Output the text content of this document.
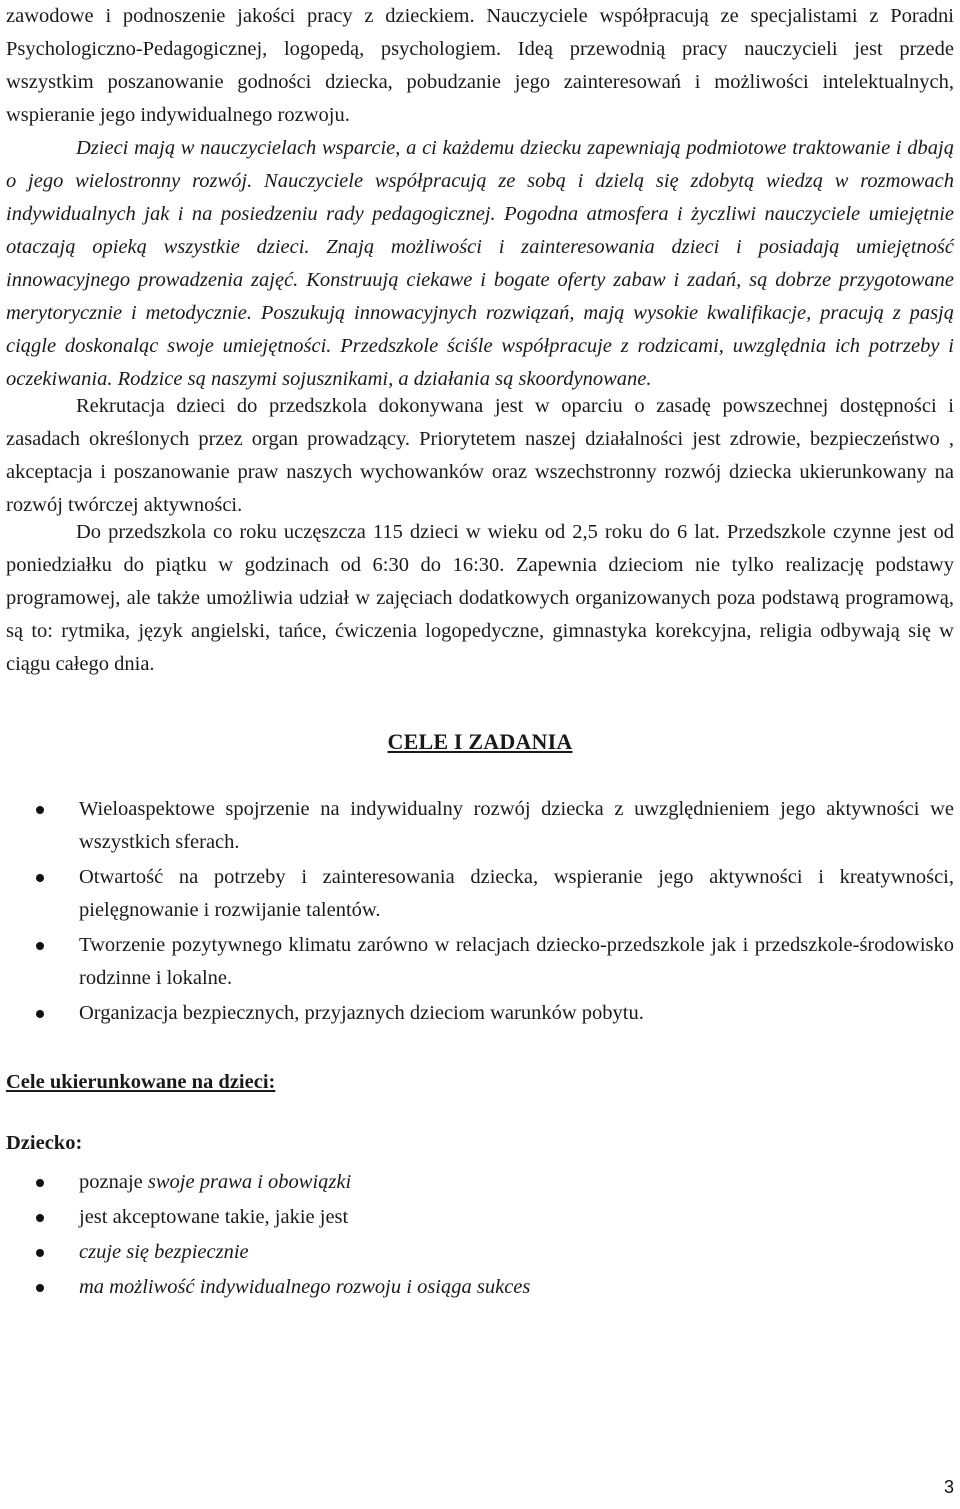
zawodowe i podnoszenie jakości pracy z dzieckiem. Nauczyciele współpracują ze specjalistami z Poradni Psychologiczno-Pedagogicznej, logopedą, psychologiem. Ideą przewodnią pracy nauczycieli jest przede wszystkim poszanowanie godności dziecka, pobudzanie jego zainteresowań i możliwości intelektualnych, wspieranie jego indywidualnego rozwoju.

Dzieci mają w nauczycielach wsparcie, a ci każdemu dziecku zapewniają podmiotowe traktowanie i dbają o jego wielostronny rozwój. Nauczyciele współpracują ze sobą i dzielą się zdobytą wiedzą w rozmowach indywidualnych jak i na posiedzeniu rady pedagogicznej. Pogodna atmosfera i życzliwi nauczyciele umiejętnie otaczają opieką wszystkie dzieci. Znają możliwości i zainteresowania dzieci i posiadają umiejętność innowacyjnego prowadzenia zajęć. Konstruują ciekawe i bogate oferty zabaw i zadań, są dobrze przygotowane merytorycznie i metodycznie. Poszukują innowacyjnych rozwiązań, mają wysokie kwalifikacje, pracują z pasją ciągle doskonaląc swoje umiejętności. Przedszkole ściśle współpracuje z rodzicami, uwzględnia ich potrzeby i oczekiwania. Rodzice są naszymi sojusznikami, a działania są skoordynowane.

Rekrutacja dzieci do przedszkola dokonywana jest w oparciu o zasadę powszechnej dostępności i zasadach określonych przez organ prowadzący. Priorytetem naszej działalności jest zdrowie, bezpieczeństwo , akceptacja i poszanowanie praw naszych wychowanków oraz wszechstronny rozwój dziecka ukierunkowany na rozwój twórczej aktywności.

Do przedszkola co roku uczęszcza 115 dzieci w wieku od 2,5 roku do 6 lat. Przedszkole czynne jest od poniedziałku do piątku w godzinach od 6:30 do 16:30. Zapewnia dzieciom nie tylko realizację podstawy programowej, ale także umożliwia udział w zajęciach dodatkowych organizowanych poza podstawą programową, są to: rytmika, język angielski, tańce, ćwiczenia logopedyczne, gimnastyka korekcyjna, religia odbywają się w ciągu całego dnia.

CELE I ZADANIA
Wieloaspektowe spojrzenie na indywidualny rozwój dziecka z uwzględnieniem jego aktywności we wszystkich sferach.
Otwartość na potrzeby i zainteresowania dziecka, wspieranie jego aktywności i kreatywności, pielęgnowanie i rozwijanie talentów.
Tworzenie pozytywnego klimatu zarówno w relacjach dziecko-przedszkole jak i przedszkole-środowisko rodzinne i lokalne.
Organizacja bezpiecznych, przyjaznych dzieciom warunków pobytu.
Cele ukierunkowane na dzieci:
Dziecko:
poznaje swoje prawa i obowiązki
jest akceptowane takie, jakie jest
czuje się bezpiecznie
ma możliwość indywidualnego rozwoju i osiąga sukces
3
